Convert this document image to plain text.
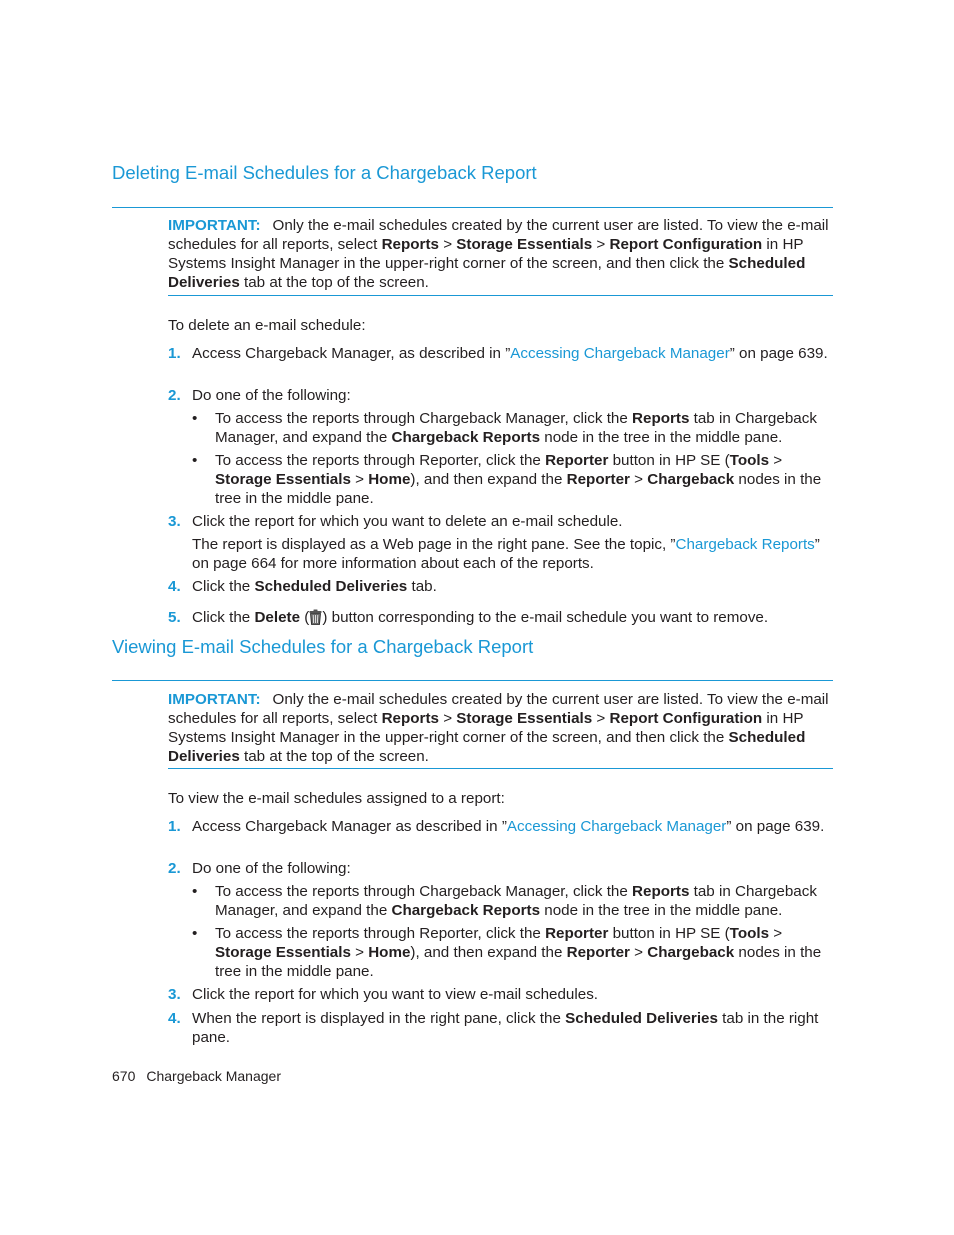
Deleting E-mail Schedules for a Chargeback Report

IMPORTANT: Only the e-mail schedules created by the current user are listed. To view the e-mail schedules for all reports, select Reports > Storage Essentials > Report Configuration in HP Systems Insight Manager in the upper-right corner of the screen, and then click the Scheduled Deliveries tab at the top of the screen.

To delete an e-mail schedule:

1. Access Chargeback Manager, as described in ”Accessing Chargeback Manager” on page 639.
2. Do one of the following:
• To access the reports through Chargeback Manager, click the Reports tab in Chargeback Manager, and expand the Chargeback Reports node in the tree in the middle pane.
• To access the reports through Reporter, click the Reporter button in HP SE (Tools > Storage Essentials > Home), and then expand the Reporter > Chargeback nodes in the tree in the middle pane.
3. Click the report for which you want to delete an e-mail schedule.

The report is displayed as a Web page in the right pane. See the topic, ”Chargeback Reports” on page 664 for more information about each of the reports.

4. Click the Scheduled Deliveries tab.
5. Click the Delete ( ) button corresponding to the e-mail schedule you want to remove.
Viewing E-mail Schedules for a Chargeback Report

IMPORTANT: Only the e-mail schedules created by the current user are listed. To view the e-mail schedules for all reports, select Reports > Storage Essentials > Report Configuration in HP Systems Insight Manager in the upper-right corner of the screen, and then click the Scheduled Deliveries tab at the top of the screen.

To view the e-mail schedules assigned to a report:

1. Access Chargeback Manager as described in ”Accessing Chargeback Manager” on page 639.
2. Do one of the following:
• To access the reports through Chargeback Manager, click the Reports tab in Chargeback Manager, and expand the Chargeback Reports node in the tree in the middle pane.
• To access the reports through Reporter, click the Reporter button in HP SE (Tools > Storage Essentials > Home), and then expand the Reporter > Chargeback nodes in the tree in the middle pane.
3. Click the report for which you want to view e-mail schedules.
4. When the report is displayed in the right pane, click the Scheduled Deliveries tab in the right pane.
670 Chargeback Manager
